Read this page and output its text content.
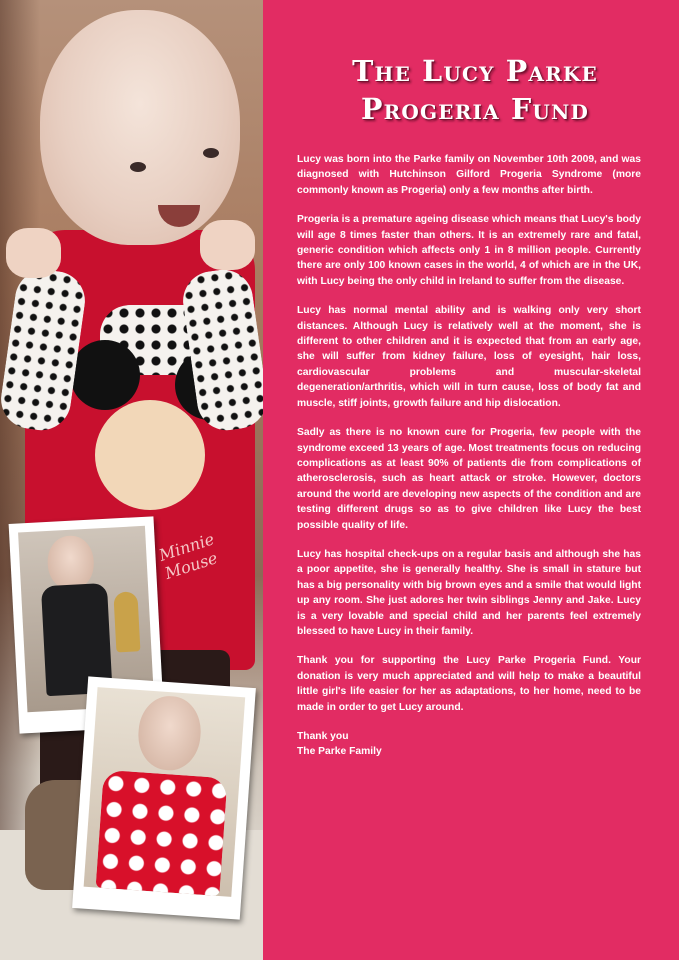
Minnie Mouse
The Lucy Parke
Progeria Fund

Lucy was born into the Parke family on November 10th 2009, and was diagnosed with Hutchinson Gilford Progeria Syndrome (more commonly known as Progeria) only a few months after birth.

Progeria is a premature ageing disease which means that Lucy's body will age 8 times faster than others. It is an extremely rare and fatal, generic condition which affects only 1 in 8 million people. Currently there are only 100 known cases in the world, 4 of which are in the UK, with Lucy being the only child in Ireland to suffer from the disease.

Lucy has normal mental ability and is walking only very short distances. Although Lucy is relatively well at the moment, she is different to other children and it is expected that from an early age, she will suffer from kidney failure, loss of eyesight, hair loss, cardiovascular problems and muscular-skeletal degeneration/arthritis, which will in turn cause, loss of body fat and muscle, stiff joints, growth failure and hip dislocation.

Sadly as there is no known cure for Progeria, few people with the syndrome exceed 13 years of age. Most treatments focus on reducing complications as at least 90% of patients die from complications of atherosclerosis, such as heart attack or stroke. However, doctors around the world are developing new aspects of the condition and are testing different drugs so as to give children like Lucy the best possible quality of life.

Lucy has hospital check-ups on a regular basis and although she has a poor appetite, she is generally healthy. She is small in stature but has a big personality with big brown eyes and a smile that would light up any room. She just adores her twin siblings Jenny and Jake. Lucy is a very lovable and special child and her parents feel extremely blessed to have Lucy in their family.

Thank you for supporting the Lucy Parke Progeria Fund. Your donation is very much appreciated and will help to make a beautiful little girl's life easier for her as adaptations, to her home, need to be made in order to get Lucy around.

Thank you
The Parke Family
